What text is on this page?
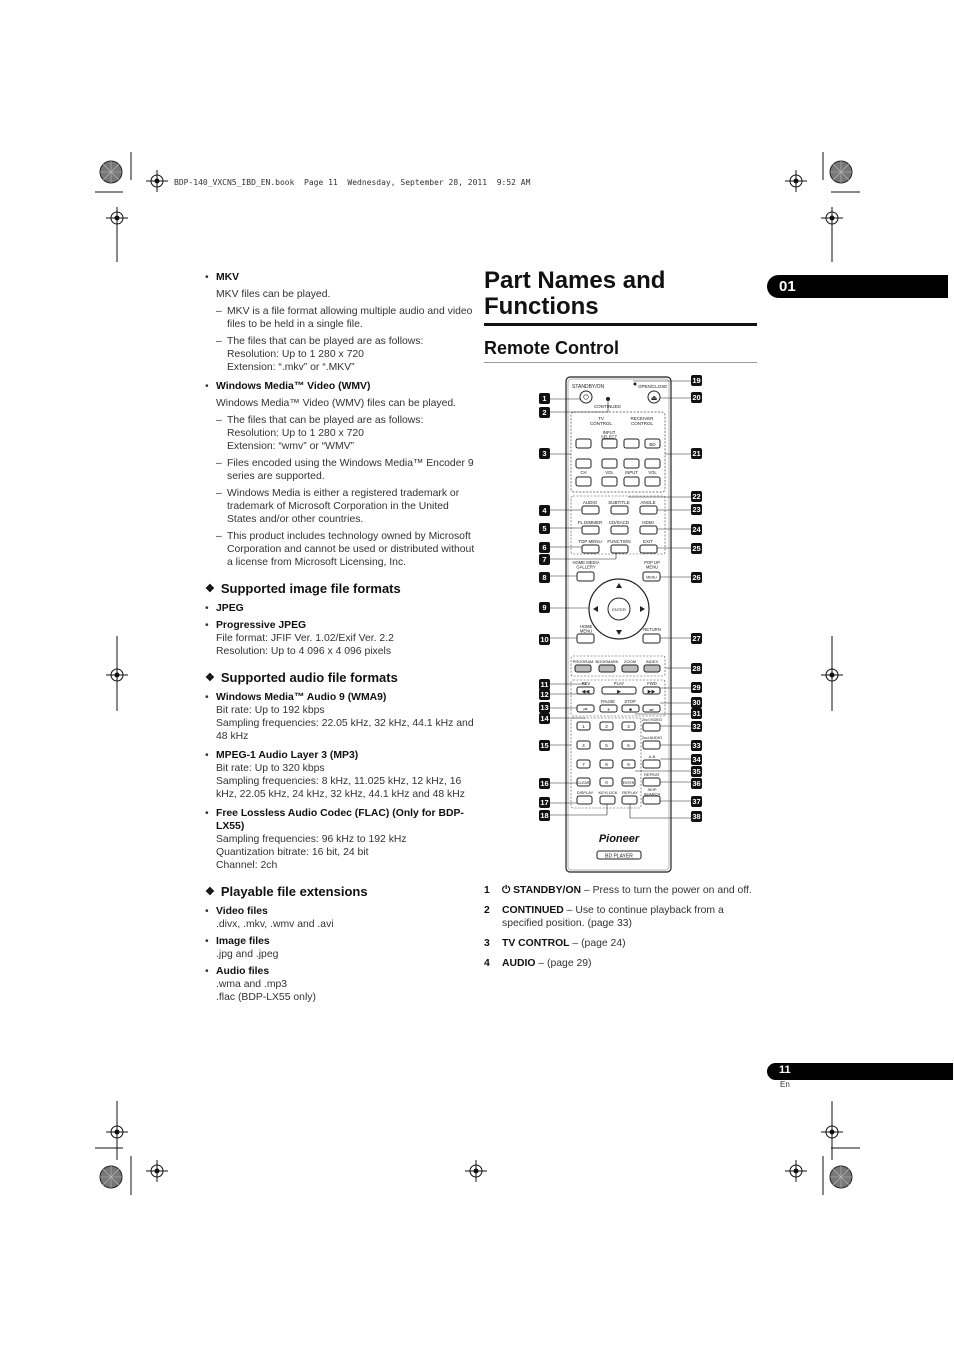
BDP-140_VXCN5_IBD_EN.book  Page 11  Wednesday, September 28, 2011  9:52 AM
01
11
En
• MKV
MKV files can be played.
– MKV is a file format allowing multiple audio and video files to be held in a single file.
– The files that can be played are as follows:
Resolution: Up to 1 280 x 720
Extension: “.mkv” or “.MKV”
• Windows Media™ Video (WMV)
Windows Media™ Video (WMV) files can be played.
– The files that can be played are as follows:
Resolution: Up to 1 280 x 720
Extension: “wmv” or “WMV”
– Files encoded using the Windows Media™ Encoder 9 series are supported.
– Windows Media is either a registered trademark or trademark of Microsoft Corporation in the United States and/or other countries.
– This product includes technology owned by Microsoft Corporation and cannot be used or distributed without a license from Microsoft Licensing, Inc.
❖ Supported image file formats
• JPEG
• Progressive JPEG
File format: JFIF Ver. 1.02/Exif Ver. 2.2
Resolution: Up to 4 096 x 4 096 pixels
❖ Supported audio file formats
• Windows Media™ Audio 9 (WMA9)
Bit rate: Up to 192 kbps
Sampling frequencies: 22.05 kHz, 32 kHz, 44.1 kHz and 48 kHz
• MPEG-1 Audio Layer 3 (MP3)
Bit rate: Up to 320 kbps
Sampling frequencies: 8 kHz, 11.025 kHz, 12 kHz, 16 kHz, 22.05 kHz, 24 kHz, 32 kHz, 44.1 kHz and 48 kHz
• Free Lossless Audio Codec (FLAC) (Only for BDP-LX55)
Sampling frequencies: 96 kHz to 192 kHz
Quantization bitrate: 16 bit, 24 bit
Channel: 2ch
❖ Playable file extensions
• Video files
.divx, .mkv, .wmv and .avi
• Image files
.jpg and .jpeg
• Audio files
.wma and .mp3
.flac (BDP-LX55 only)
Part Names and Functions
Remote Control
STANDBY/ON
⏻
CONTINUED
OPEN/CLOSE
⏏
TV CONTROL
RECEIVER CONTROL
INPUT SELECT
BD
CH	VOL	INPUT	VOL
AUDIO SUBTITLE ANGLE
FL DIMMER CD/SACD	HDMI
TOP MENU FUNCTION	EXIT
HOME MEDIA GALLERY
POP UP MENU
MENU
ENTER
HOME MENU	RETURN
PROGRAM BOOKMARK ZOOM INDEX
REV	PLAY	FWD
◀◀	▶	▶▶
PAUSE STOP
⏮	⏸	■	⏭
1	2	3
4	5	6
7	8	9
CLEAR	0	ENTER
2nd VIDEO
2nd AUDIO
A-B
REPEAT
DISPLAY KEYLOCK REPLAY
SKIP SEARCH
Pioneer
BD PLAYER
1
2
3
4
5
6
7
8
9
10
11
12
13
14
15
16
17
18
19
20
21
22
23
24
25
26
27
28
29
30
31
32
33
34
35
36
37
38
1 ⏻ STANDBY/ON – Press to turn the power on and off.
2 CONTINUED – Use to continue playback from a specified position. (page 33)
3 TV CONTROL – (page 24)
4 AUDIO – (page 29)
